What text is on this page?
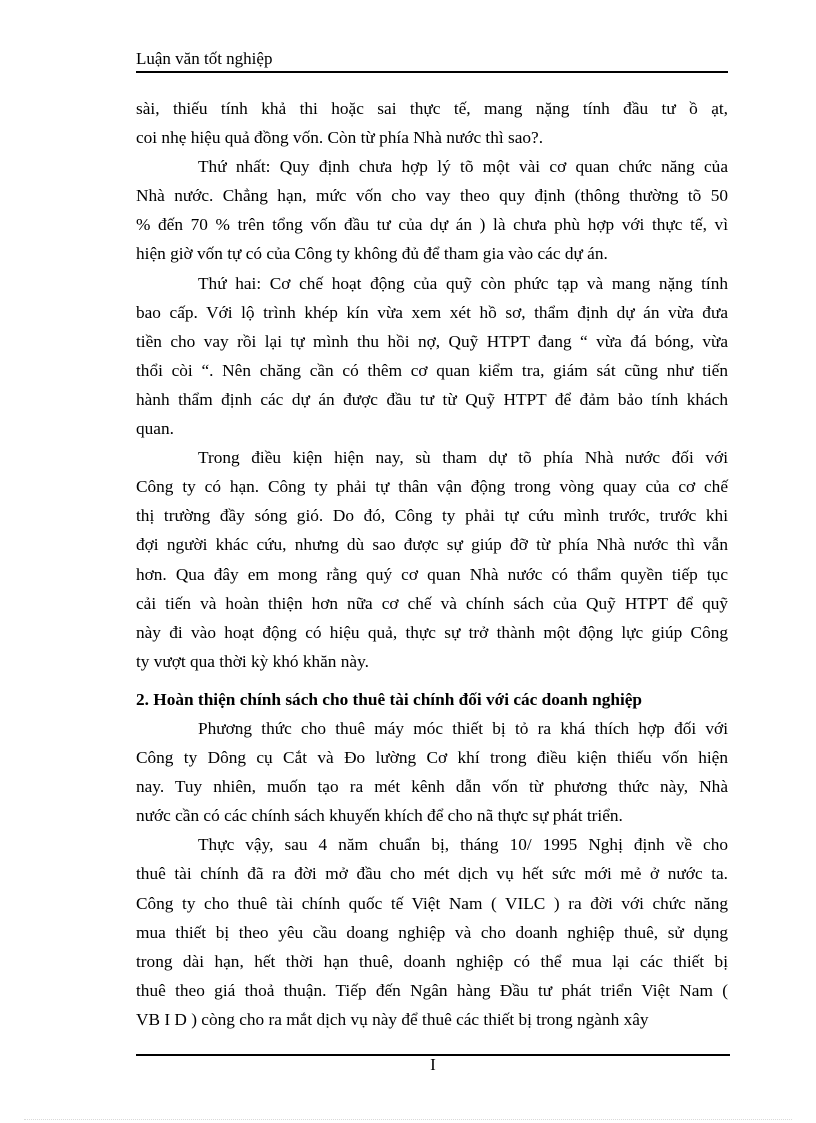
Luận văn tốt nghiệp
sài, thiếu tính khả thi hoặc sai thực tế, mang nặng tính đầu tư ồ ạt,
coi nhẹ hiệu quả đồng vốn. Còn từ phía Nhà nước thì sao?.
Thứ nhất: Quy định chưa hợp lý tõ một vài cơ quan chức năng của
Nhà nước. Chẳng hạn, mức vốn cho vay theo quy định (thông thường tõ 50
% đến 70 % trên tổng vốn đầu tư của dự án ) là chưa phù hợp với thực tế, vì
hiện giờ vốn tự có của Công ty không đủ để tham gia vào các dự án.
Thứ hai: Cơ chế hoạt động của quỹ còn phức tạp và mang nặng tính
bao cấp. Với lộ trình khép kín vừa xem xét hồ sơ, thẩm định dự án vừa đưa
tiền cho vay rồi lại tự mình thu hồi nợ, Quỹ HTPT đang “ vừa đá bóng, vừa
thổi còi “. Nên chăng cần có thêm cơ quan kiểm tra, giám sát cũng như tiến
hành thẩm định các dự án được đầu tư từ Quỹ HTPT để đảm bảo tính khách
quan.
Trong điều kiện hiện nay, sù tham dự tõ phía Nhà nước đối với
Công ty có hạn. Công ty phải tự thân vận động trong vòng quay của cơ chế
thị trường đầy sóng gió. Do đó, Công ty phải tự cứu mình trước, trước khi
đợi người khác cứu, nhưng dù sao được sự giúp đỡ từ phía Nhà nước thì vẫn
hơn. Qua đây em mong rằng quý cơ quan Nhà nước có thẩm quyền tiếp tục
cải tiến và hoàn thiện hơn nữa cơ chế và chính sách của Quỹ HTPT để quỹ
này đi vào hoạt động có hiệu quả, thực sự trở thành một động lực giúp Công
ty vượt qua thời kỳ khó khăn này.
2. Hoàn thiện chính sách cho thuê tài chính đối với các doanh nghiệp
Phương thức cho thuê máy móc thiết bị tỏ ra khá thích hợp đối với
Công ty Dông cụ Cắt và Đo lường Cơ khí trong điều kiện thiếu vốn hiện
nay. Tuy nhiên, muốn tạo ra mét kênh dẫn vốn từ phương thức này, Nhà
nước cần có các chính sách khuyến khích để cho nã thực sự phát triển.
Thực vậy, sau 4 năm chuẩn bị, tháng 10/ 1995 Nghị định về cho
thuê tài chính đã ra đời mở đầu cho mét dịch vụ hết sức mới mẻ ở nước ta.
Công ty cho thuê tài chính quốc tế Việt Nam ( VILC ) ra đời với chức năng
mua thiết bị theo yêu cầu doang nghiệp và cho doanh nghiệp thuê, sử dụng
trong dài hạn, hết thời hạn thuê, doanh nghiệp có thể mua lại các thiết bị
thuê theo giá thoả thuận. Tiếp đến Ngân hàng Đầu tư phát triển Việt Nam (
VB I D ) còng cho ra mắt dịch vụ này để thuê các thiết bị trong ngành xây
I
